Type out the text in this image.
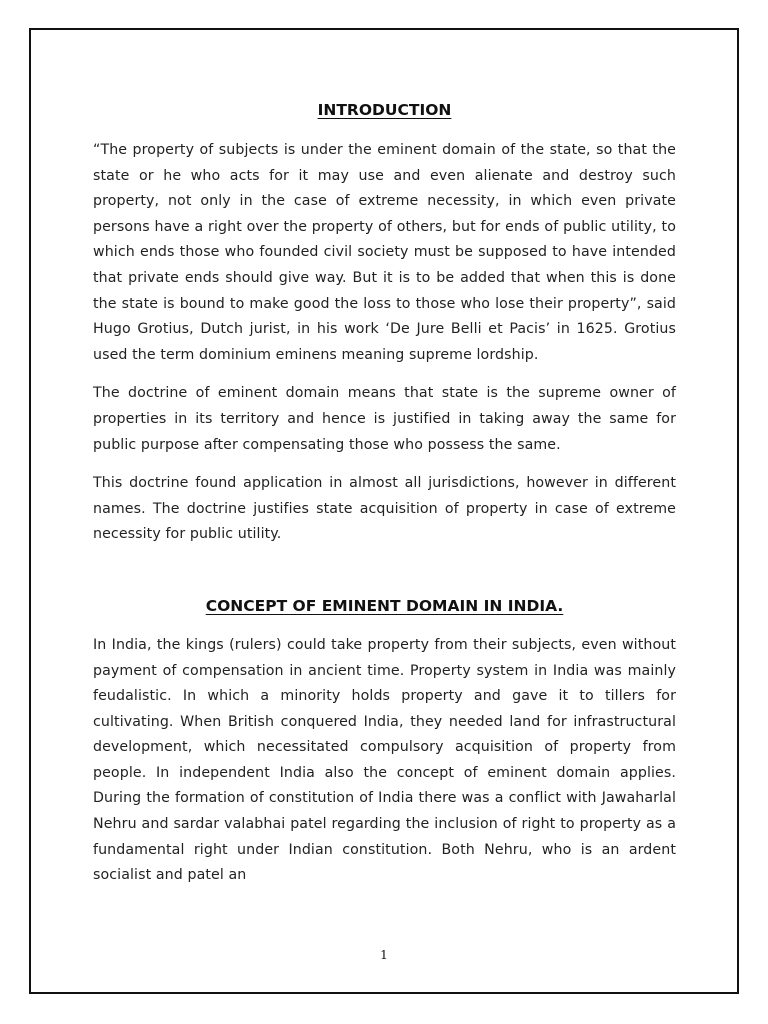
INTRODUCTION

“The property of subjects is under the eminent domain of the state, so that the state or he who acts for it may use and even alienate and destroy such property, not only in the case of extreme necessity, in which even private persons have a right over the property of others, but for ends of public utility, to which ends those who founded civil society must be supposed to have intended that private ends should give way. But it is to be added that when this is done the state is bound to make good the loss to those who lose their property”, said Hugo Grotius, Dutch jurist, in his work ‘De Jure Belli et Pacis’ in 1625. Grotius used the term dominium eminens meaning supreme lordship.

The doctrine of eminent domain means that state is the supreme owner of properties in its territory and hence is justified in taking away the same for public purpose after compensating those who possess the same.

This doctrine found application in almost all jurisdictions, however in different names. The doctrine justifies state acquisition of property in case of extreme necessity for public utility.

CONCEPT OF EMINENT DOMAIN IN INDIA.

In India, the kings (rulers) could take property from their subjects, even without payment of compensation in ancient time. Property system in India was mainly feudalistic. In which a minority holds property and gave it to tillers for cultivating. When British conquered India, they needed land for infrastructural development, which necessitated compulsory acquisition of property from people. In independent India also the concept of eminent domain applies. During the formation of constitution of India there was a conflict with Jawaharlal Nehru and sardar valabhai patel regarding the inclusion of right to property as a fundamental right under Indian constitution. Both Nehru, who is an ardent socialist and patel an

1
